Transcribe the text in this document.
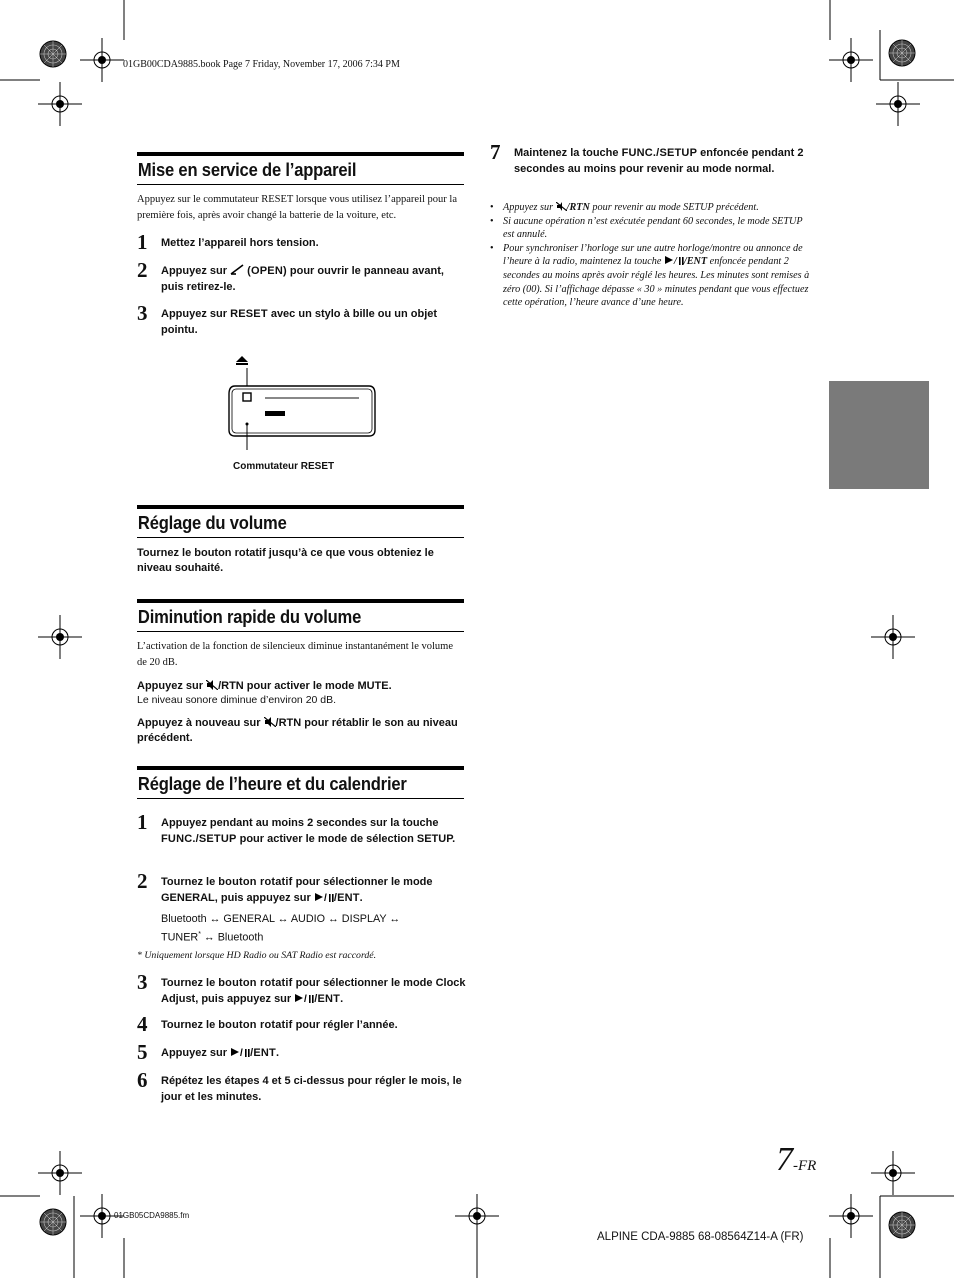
01GB00CDA9885.book Page 7 Friday, November 17, 2006 7:34 PM
Mise en service de l’appareil
Appuyez sur le commutateur RESET lorsque vous utilisez l’appareil pour la première fois, après avoir changé la batterie de la voiture, etc.
1 Mettez l’appareil hors tension.
2 Appuyez sur  (OPEN) pour ouvrir le panneau avant, puis retirez-le.
3 Appuyez sur RESET avec un stylo à bille ou un objet pointu.
Commutateur RESET
Réglage du volume
Tournez le bouton rotatif jusqu’à ce que vous obteniez le niveau souhaité.
Diminution rapide du volume
L’activation de la fonction de silencieux diminue instantanément le volume de 20 dB.
Appuyez sur /RTN pour activer le mode MUTE.
Le niveau sonore diminue d’environ 20 dB.
Appuyez à nouveau sur /RTN pour rétablir le son au niveau précédent.
Réglage de l’heure et du calendrier
1 Appuyez pendant au moins 2 secondes sur la touche FUNC./SETUP pour activer le mode de sélection SETUP.
2 Tournez le bouton rotatif pour sélectionner le mode GENERAL, puis appuyez sur / /ENT.
Bluetooth ↔ GENERAL ↔ AUDIO ↔ DISPLAY ↔
TUNER* ↔ Bluetooth
* Uniquement lorsque HD Radio ou SAT Radio est raccordé.
3 Tournez le bouton rotatif pour sélectionner le mode Clock Adjust, puis appuyez sur / /ENT.
4 Tournez le bouton rotatif pour régler l’année.
5 Appuyez sur / /ENT.
6 Répétez les étapes 4 et 5 ci-dessus pour régler le mois, le jour et les minutes.
7 Maintenez la touche FUNC./SETUP enfoncée pendant 2 secondes au moins pour revenir au mode normal.
• Appuyez sur /RTN pour revenir au mode SETUP précédent.
• Si aucune opération n’est exécutée pendant 60 secondes, le mode SETUP est annulé.
• Pour synchroniser l’horloge sur une autre horloge/montre ou annonce de l’heure à la radio, maintenez la touche / /ENT enfoncée pendant 2 secondes au moins après avoir réglé les heures. Les minutes sont remises à zéro (00). Si l’affichage dépasse « 30 » minutes pendant que vous effectuez cette opération, l’heure avance d’une heure.
7-FR
01GB05CDA9885.fm
ALPINE CDA-9885 68-08564Z14-A (FR)
